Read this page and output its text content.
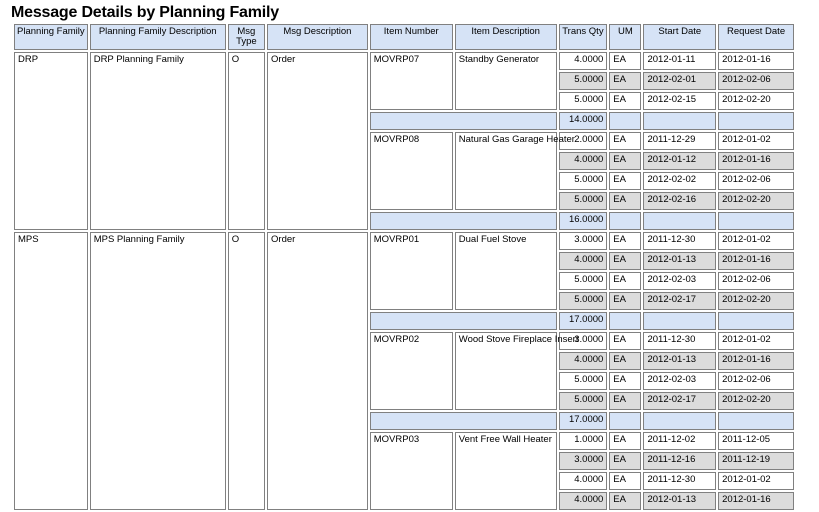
Message Details by Planning Family
Planning Family	Planning Family Description	Msg Type	Msg Description	Item Number	Item Description	Trans Qty	UM	Start Date	Request Date
DRP	DRP Planning Family	O	Order	MOVRP07	Standby Generator	4.0000	EA	2012-01-11	2012-01-16
						5.0000	EA	2012-02-01	2012-02-06
						5.0000	EA	2012-02-15	2012-02-20
						14.0000			
				MOVRP08	Natural Gas Garage Heater	2.0000	EA	2011-12-29	2012-01-02
						4.0000	EA	2012-01-12	2012-01-16
						5.0000	EA	2012-02-02	2012-02-06
						5.0000	EA	2012-02-16	2012-02-20
						16.0000			
MPS	MPS Planning Family	O	Order	MOVRP01	Dual Fuel Stove	3.0000	EA	2011-12-30	2012-01-02
						4.0000	EA	2012-01-13	2012-01-16
						5.0000	EA	2012-02-03	2012-02-06
						5.0000	EA	2012-02-17	2012-02-20
						17.0000			
				MOVRP02	Wood Stove Fireplace Insert	3.0000	EA	2011-12-30	2012-01-02
						4.0000	EA	2012-01-13	2012-01-16
						5.0000	EA	2012-02-03	2012-02-06
						5.0000	EA	2012-02-17	2012-02-20
						17.0000			
				MOVRP03	Vent Free Wall Heater	1.0000	EA	2011-12-02	2011-12-05
						3.0000	EA	2011-12-16	2011-12-19
						4.0000	EA	2011-12-30	2012-01-02
						4.0000	EA	2012-01-13	2012-01-16
